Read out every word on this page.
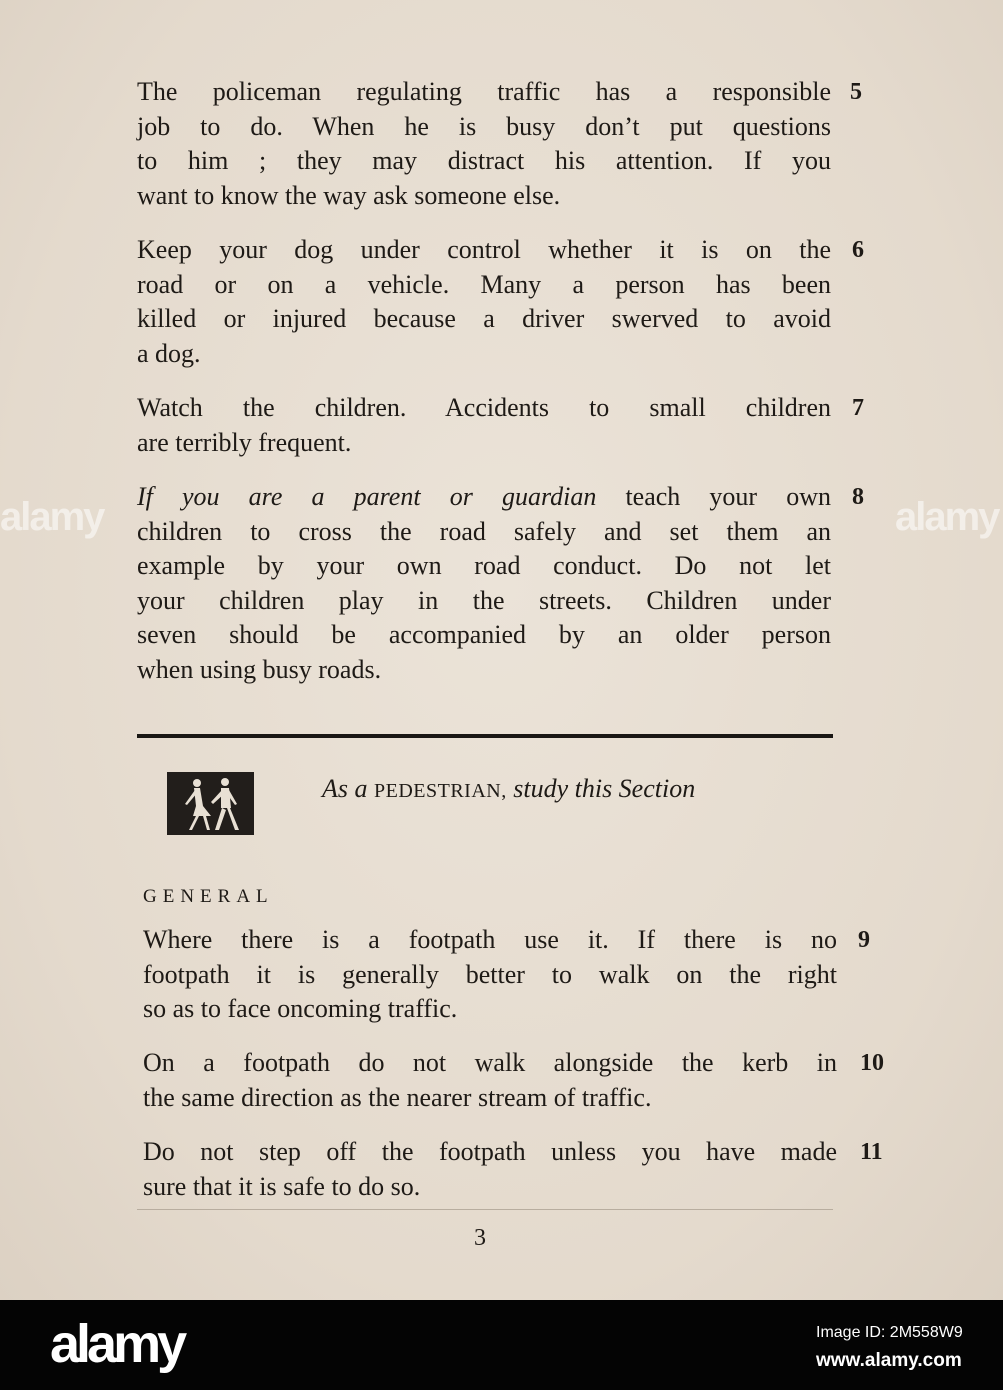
The policeman regulating traffic has a responsible
job to do. When he is busy don’t put questions
to him ; they may distract his attention. If you
want to know the way ask someone else.
5
Keep your dog under control whether it is on the
road or on a vehicle. Many a person has been
killed or injured because a driver swerved to avoid
a dog.
6
Watch the children. Accidents to small children
are terribly frequent.
7
If you are a parent or guardian teach your own
children to cross the road safely and set them an
example by your own road conduct. Do not let
your children play in the streets. Children under
seven should be accompanied by an older person
when using busy roads.
8
Where there is a footpath use it. If there is no
footpath it is generally better to walk on the right
so as to face oncoming traffic.
9
On a footpath do not walk alongside the kerb in
the same direction as the nearer stream of traffic.
10
Do not step off the footpath unless you have made
sure that it is safe to do so.
11
As a PEDESTRIAN, study this Section
GENERAL
3
alamy	alamy
alamy	Image ID: 2M558W9
www.alamy.com
